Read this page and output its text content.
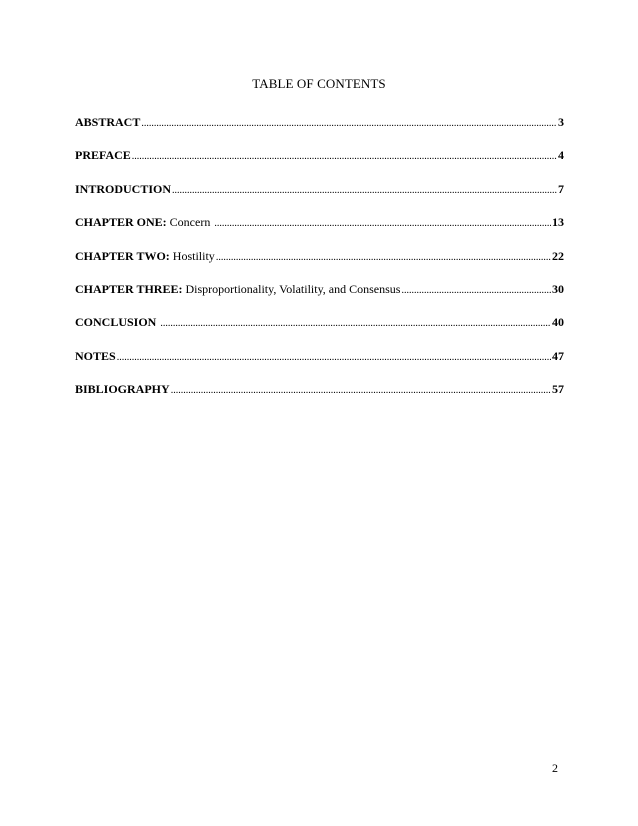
TABLE OF CONTENTS
ABSTRACT .....	3
PREFACE .....	4
INTRODUCTION .....	7
CHAPTER ONE: Concern .....	13
CHAPTER TWO: Hostility .....	22
CHAPTER THREE: Disproportionality, Volatility, and Consensus .....	30
CONCLUSION .....	40
NOTES .....	47
BIBLIOGRAPHY .....	57
2
